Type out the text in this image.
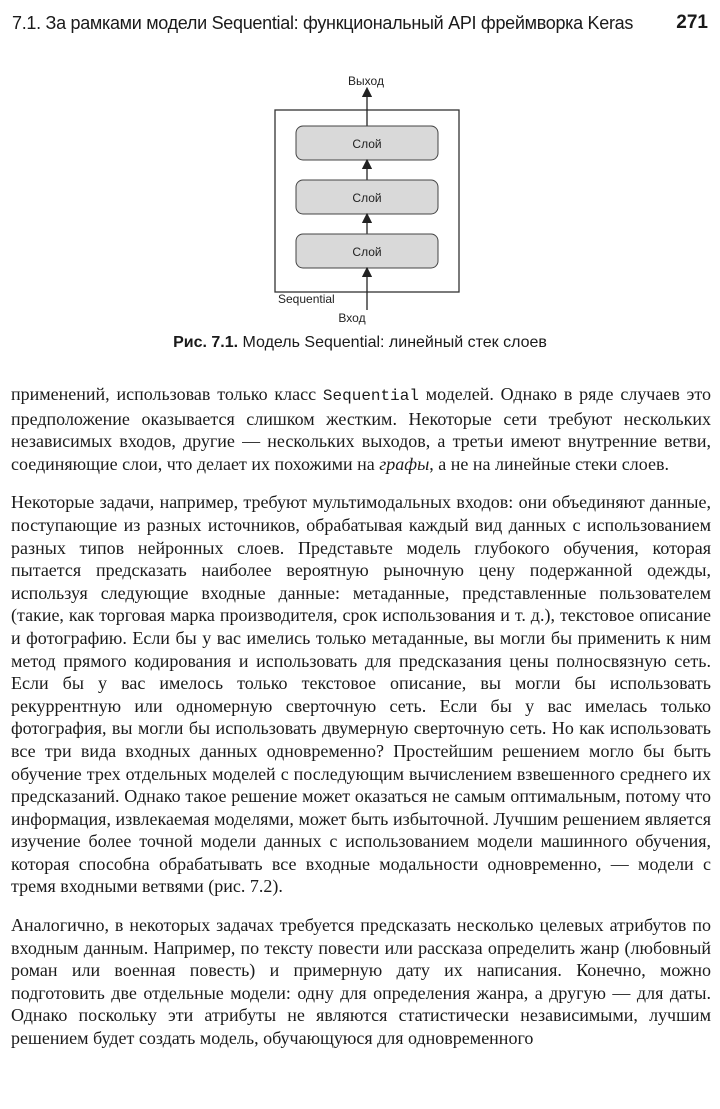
7.1. За рамками модели Sequential: функциональный API фреймворка Keras 271
Выход
Слой
Слой
Слой
Sequential
Вход
Рис. 7.1. Модель Sequential: линейный стек слоев

применений, использовав только класс Sequential моделей. Однако в ряде случаев это предположение оказывается слишком жестким. Некоторые сети требуют нескольких независимых входов, другие — нескольких выходов, а третьи имеют внутренние ветви, соединяющие слои, что делает их похожими на графы, а не на линейные стеки слоев.

Некоторые задачи, например, требуют мультимодальных входов: они объединяют данные, поступающие из разных источников, обрабатывая каждый вид данных с использованием разных типов нейронных слоев. Представьте модель глубокого обучения, которая пытается предсказать наиболее вероятную рыночную цену подержанной одежды, используя следующие входные данные: метаданные, представленные пользователем (такие, как торговая марка производителя, срок использования и т. д.), текстовое описание и фотографию. Если бы у вас имелись только метаданные, вы могли бы применить к ним метод прямого кодирования и использовать для предсказания цены полносвязную сеть. Если бы у вас имелось только текстовое описание, вы могли бы использовать рекуррентную или одномерную сверточную сеть. Если бы у вас имелась только фотография, вы могли бы использовать двумерную сверточную сеть. Но как использовать все три вида входных данных одновременно? Простейшим решением могло бы быть обучение трех отдельных моделей с последующим вычислением взвешенного среднего их предсказаний. Однако такое решение может оказаться не самым оптимальным, потому что информация, извлекаемая моделями, может быть избыточной. Лучшим решением является изучение более точной модели данных с использованием модели машинного обучения, которая способна обрабатывать все входные модальности одновременно, — модели с тремя входными ветвями (рис. 7.2).

Аналогично, в некоторых задачах требуется предсказать несколько целевых атрибутов по входным данным. Например, по тексту повести или рассказа определить жанр (любовный роман или военная повесть) и примерную дату их написания. Конечно, можно подготовить две отдельные модели: одну для определения жанра, а другую — для даты. Однако поскольку эти атрибуты не являются статистически независимыми, лучшим решением будет создать модель, обучающуюся для одновременного
